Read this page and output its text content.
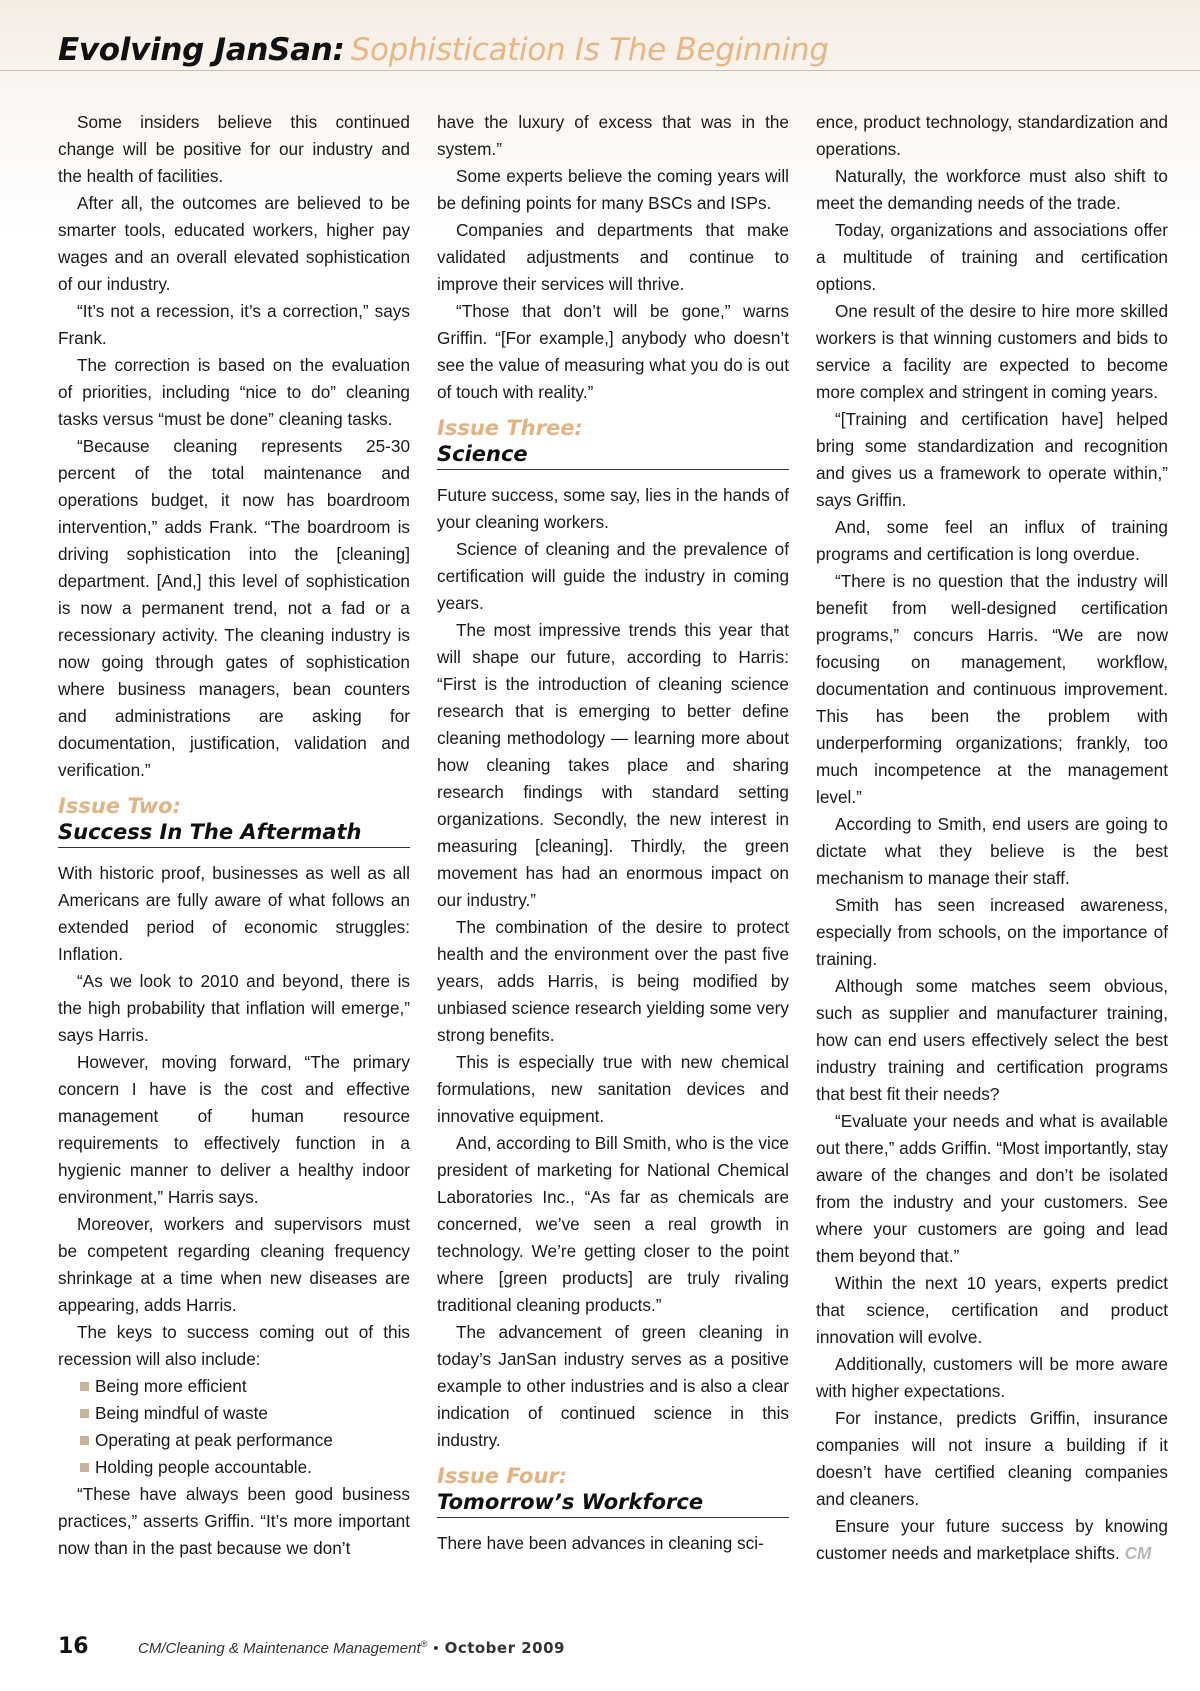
Evolving JanSan: Sophistication Is The Beginning

Some insiders believe this continued change will be positive for our industry and the health of facilities.

After all, the outcomes are believed to be smarter tools, educated workers, higher pay wages and an overall elevated sophistication of our industry.

“It’s not a recession, it’s a correction,” says Frank.

The correction is based on the evaluation of priorities, including “nice to do” cleaning tasks versus “must be done” cleaning tasks.

“Because cleaning represents 25-30 percent of the total maintenance and operations budget, it now has boardroom intervention,” adds Frank. “The boardroom is driving sophistication into the [cleaning] department. [And,] this level of sophistication is now a permanent trend, not a fad or a recessionary activity. The cleaning industry is now going through gates of sophistication where business managers, bean counters and administrations are asking for documentation, justification, validation and verification.”

Issue Two:
Success In The Aftermath

With historic proof, businesses as well as all Americans are fully aware of what follows an extended period of economic struggles: Inflation.

“As we look to 2010 and beyond, there is the high probability that inflation will emerge,” says Harris.

However, moving forward, “The primary concern I have is the cost and effective management of human resource requirements to effectively function in a hygienic manner to deliver a healthy indoor environment,” Harris says.

Moreover, workers and supervisors must be competent regarding cleaning frequency shrinkage at a time when new diseases are appearing, adds Harris.

The keys to success coming out of this recession will also include:

Being more efficient
Being mindful of waste
Operating at peak performance
Holding people accountable.

“These have always been good business practices,” asserts Griffin. “It’s more important now than in the past because we don’t

have the luxury of excess that was in the system.”

Some experts believe the coming years will be defining points for many BSCs and ISPs.

Companies and departments that make validated adjustments and continue to improve their services will thrive.

“Those that don’t will be gone,” warns Griffin. “[For example,] anybody who doesn’t see the value of measuring what you do is out of touch with reality.”

Issue Three:
Science

Future success, some say, lies in the hands of your cleaning workers.

Science of cleaning and the prevalence of certification will guide the industry in coming years.

The most impressive trends this year that will shape our future, according to Harris: “First is the introduction of cleaning science research that is emerging to better define cleaning methodology — learning more about how cleaning takes place and sharing research findings with standard setting organizations. Secondly, the new interest in measuring [cleaning]. Thirdly, the green movement has had an enormous impact on our industry.”

The combination of the desire to protect health and the environment over the past five years, adds Harris, is being modified by unbiased science research yielding some very strong benefits.

This is especially true with new chemical formulations, new sanitation devices and innovative equipment.

And, according to Bill Smith, who is the vice president of marketing for National Chemical Laboratories Inc., “As far as chemicals are concerned, we’ve seen a real growth in technology. We’re getting closer to the point where [green products] are truly rivaling traditional cleaning products.”

The advancement of green cleaning in today’s JanSan industry serves as a positive example to other industries and is also a clear indication of continued science in this industry.

Issue Four:
Tomorrow’s Workforce

There have been advances in cleaning sci-

ence, product technology, standardization and operations.

Naturally, the workforce must also shift to meet the demanding needs of the trade.

Today, organizations and associations offer a multitude of training and certification options.

One result of the desire to hire more skilled workers is that winning customers and bids to service a facility are expected to become more complex and stringent in coming years.

“[Training and certification have] helped bring some standardization and recognition and gives us a framework to operate within,” says Griffin.

And, some feel an influx of training programs and certification is long overdue.

“There is no question that the industry will benefit from well-designed certification programs,” concurs Harris. “We are now focusing on management, workflow, documentation and continuous improvement. This has been the problem with underperforming organizations; frankly, too much incompetence at the management level.”

According to Smith, end users are going to dictate what they believe is the best mechanism to manage their staff.

Smith has seen increased awareness, especially from schools, on the importance of training.

Although some matches seem obvious, such as supplier and manufacturer training, how can end users effectively select the best industry training and certification programs that best fit their needs?

“Evaluate your needs and what is available out there,” adds Griffin. “Most importantly, stay aware of the changes and don’t be isolated from the industry and your customers. See where your customers are going and lead them beyond that.”

Within the next 10 years, experts predict that science, certification and product innovation will evolve.

Additionally, customers will be more aware with higher expectations.

For instance, predicts Griffin, insurance companies will not insure a building if it doesn’t have certified cleaning companies and cleaners.

Ensure your future success by knowing customer needs and marketplace shifts. CM

16	CM/Cleaning & Maintenance Management® • October 2009
